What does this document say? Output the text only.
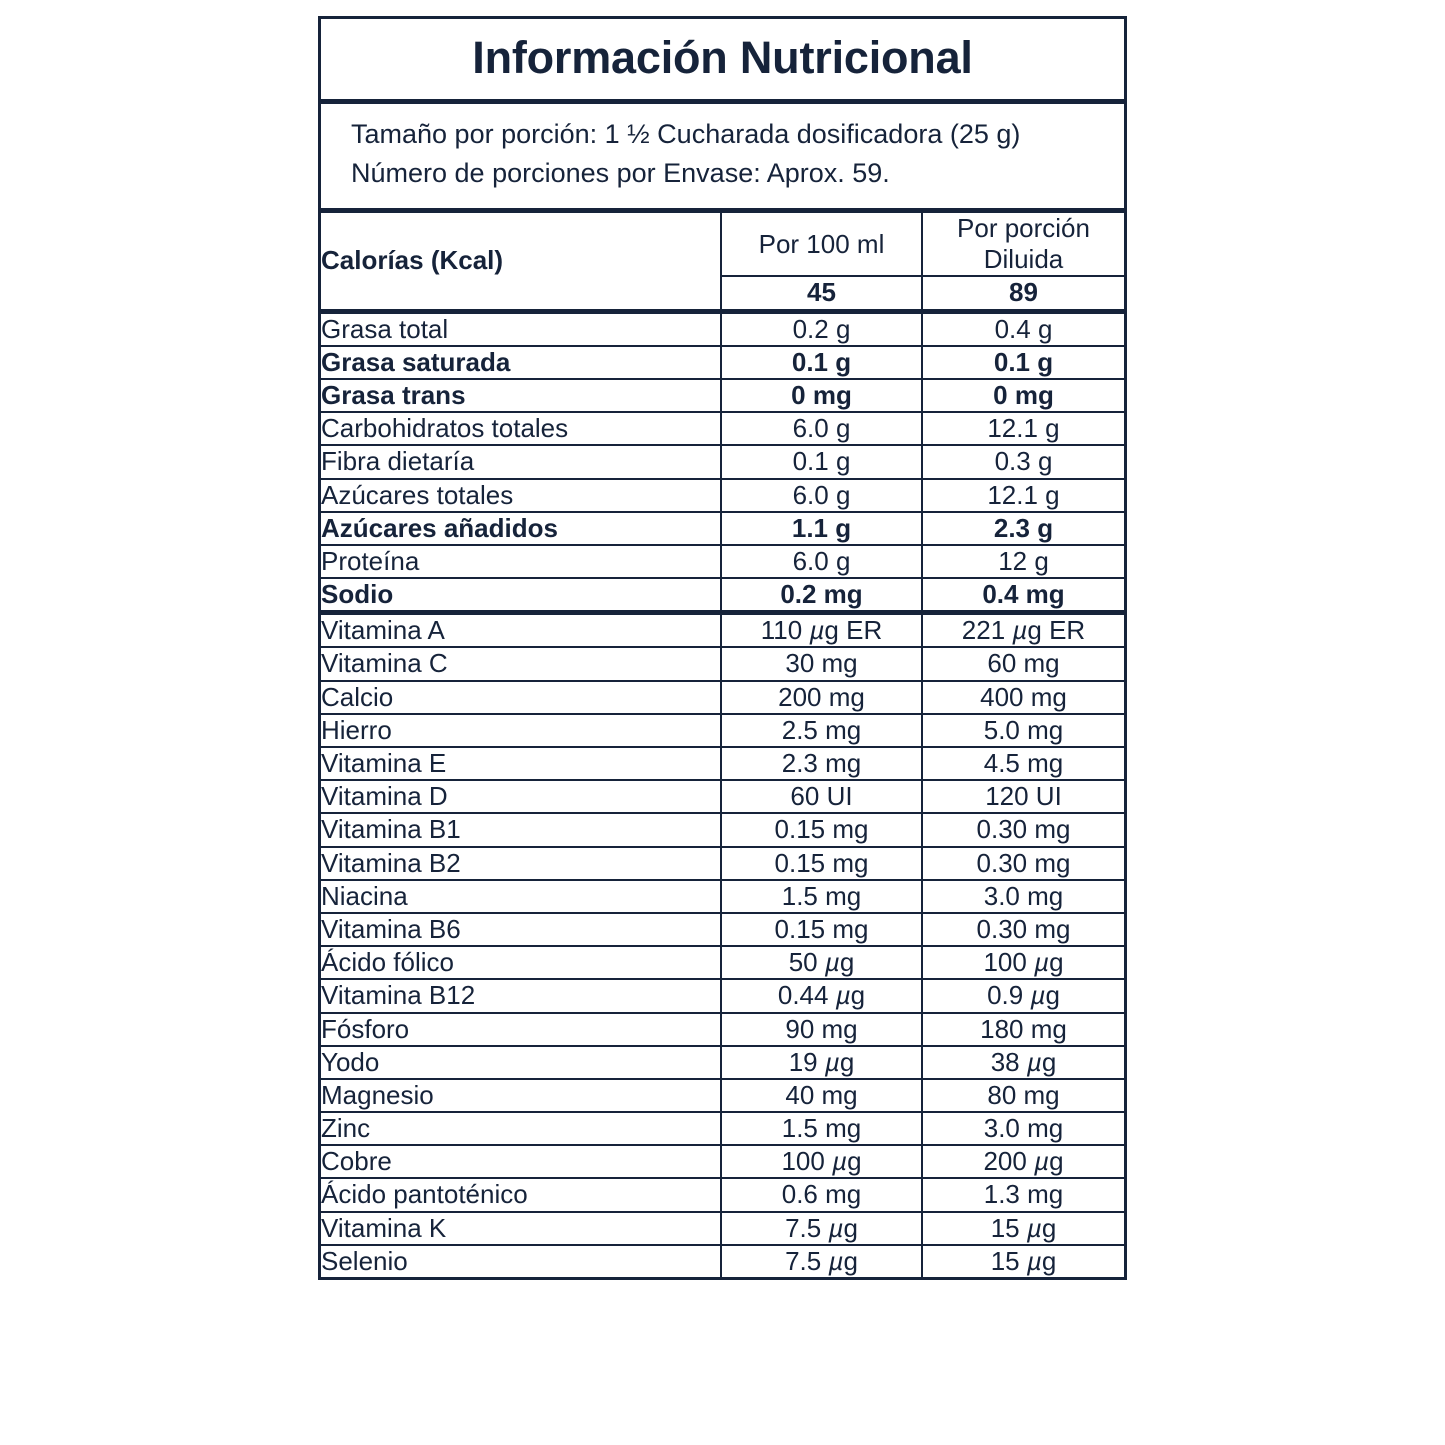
Información Nutricional
Tamaño por porción: 1 ½ Cucharada dosificadora (25 g)
Número de porciones por Envase: Aprox. 59.
Calorías (Kcal)	Por 100 ml	Por porción
Diluida

	45	89
Grasa total	0.2 g	0.4 g
Grasa saturada	0.1 g	0.1 g
Grasa trans	0 mg	0 mg
Carbohidratos totales	6.0 g	12.1 g
Fibra dietaría	0.1 g	0.3 g
Azúcares totales	6.0 g	12.1 g
Azúcares añadidos	1.1 g	2.3 g
Proteína	6.0 g	12 g
Sodio	0.2 mg	0.4 mg
Vitamina A	110 µg ER	221 µg ER
Vitamina C	30 mg	60 mg
Calcio	200 mg	400 mg
Hierro	2.5 mg	5.0 mg
Vitamina E	2.3 mg	4.5 mg
Vitamina D	60 UI	120 UI
Vitamina B1	0.15 mg	0.30 mg
Vitamina B2	0.15 mg	0.30 mg
Niacina	1.5 mg	3.0 mg
Vitamina B6	0.15 mg	0.30 mg
Ácido fólico	50 µg	100 µg
Vitamina B12	0.44 µg	0.9 µg
Fósforo	90 mg	180 mg
Yodo	19 µg	38 µg
Magnesio	40 mg	80 mg
Zinc	1.5 mg	3.0 mg
Cobre	100 µg	200 µg
Ácido pantoténico	0.6 mg	1.3 mg
Vitamina K	7.5 µg	15 µg
Selenio	7.5 µg	15 µg
